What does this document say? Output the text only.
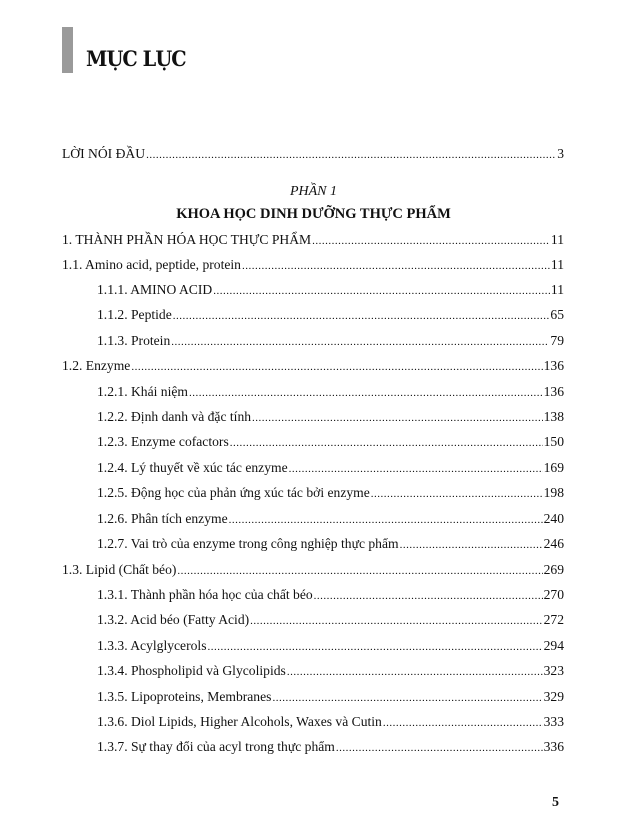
MỤC LỤC
LỜI NÓI ĐẦU .....	3
PHẦN 1
KHOA HỌC DINH DƯỠNG THỰC PHẨM
1. THÀNH PHẦN HÓA HỌC THỰC PHẨM .....	11
1.1. Amino acid, peptide, protein .....	11
1.1.1. AMINO ACID .....	11
1.1.2. Peptide .....	65
1.1.3. Protein .....	79
1.2. Enzyme .....	136
1.2.1. Khái niệm .....	136
1.2.2. Định danh và đặc tính .....	138
1.2.3. Enzyme cofactors .....	150
1.2.4. Lý thuyết về xúc tác enzyme .....	169
1.2.5. Động học của phản ứng xúc tác bởi enzyme .....	198
1.2.6. Phân tích enzyme .....	240
1.2.7. Vai trò của enzyme trong công nghiệp thực phẩm .....	246
1.3. Lipid (Chất béo) .....	269
1.3.1. Thành phần hóa học của chất béo .....	270
1.3.2. Acid béo (Fatty Acid) .....	272
1.3.3. Acylglycerols .....	294
1.3.4. Phospholipid và Glycolipids .....	323
1.3.5. Lipoproteins, Membranes .....	329
1.3.6. Diol Lipids, Higher Alcohols, Waxes và Cutin .....	333
1.3.7. Sự thay đổi của acyl trong thực phẩm .....	336
5
